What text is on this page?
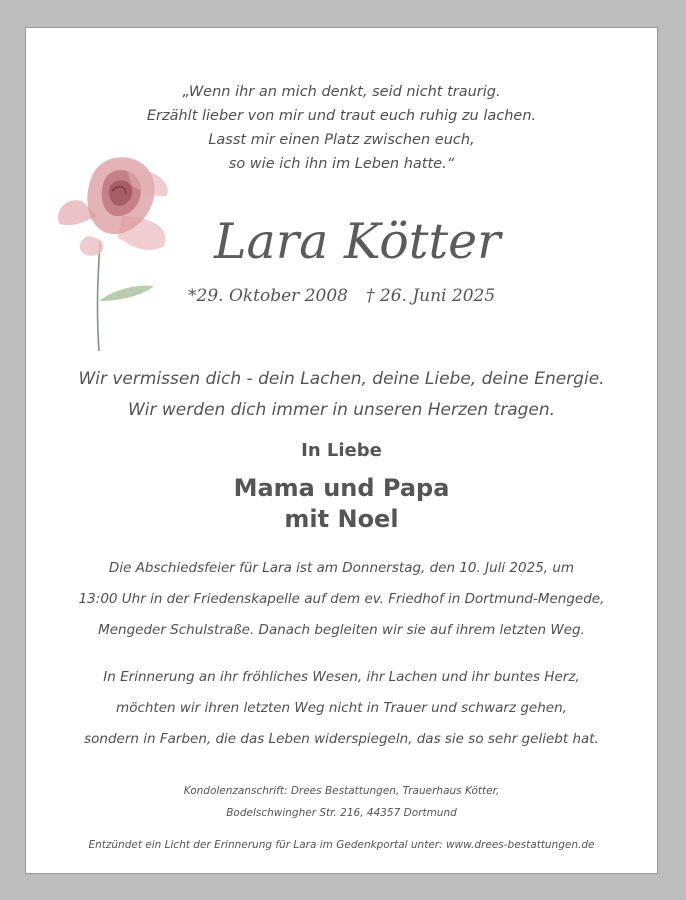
„Wenn ihr an mich denkt, seid nicht traurig.
Erzählt lieber von mir und traut euch ruhig zu lachen.
Lasst mir einen Platz zwischen euch,
so wie ich ihn im Leben hatte.“
Lara Kötter
*29. Oktober 2008 † 26. Juni 2025
Wir vermissen dich - dein Lachen, deine Liebe, deine Energie.
Wir werden dich immer in unseren Herzen tragen.
In Liebe
Mama und Papa
mit Noel
Die Abschiedsfeier für Lara ist am Donnerstag, den 10. Juli 2025, um
13:00 Uhr in der Friedenskapelle auf dem ev. Friedhof in Dortmund-Mengede,
Mengeder Schulstraße. Danach begleiten wir sie auf ihrem letzten Weg.
In Erinnerung an ihr fröhliches Wesen, ihr Lachen und ihr buntes Herz,
möchten wir ihren letzten Weg nicht in Trauer und schwarz gehen,
sondern in Farben, die das Leben widerspiegeln, das sie so sehr geliebt hat.
Kondolenzanschrift: Drees Bestattungen, Trauerhaus Kötter,
Bodelschwingher Str. 216, 44357 Dortmund
Entzündet ein Licht der Erinnerung für Lara im Gedenkportal unter: www.drees-bestattungen.de
